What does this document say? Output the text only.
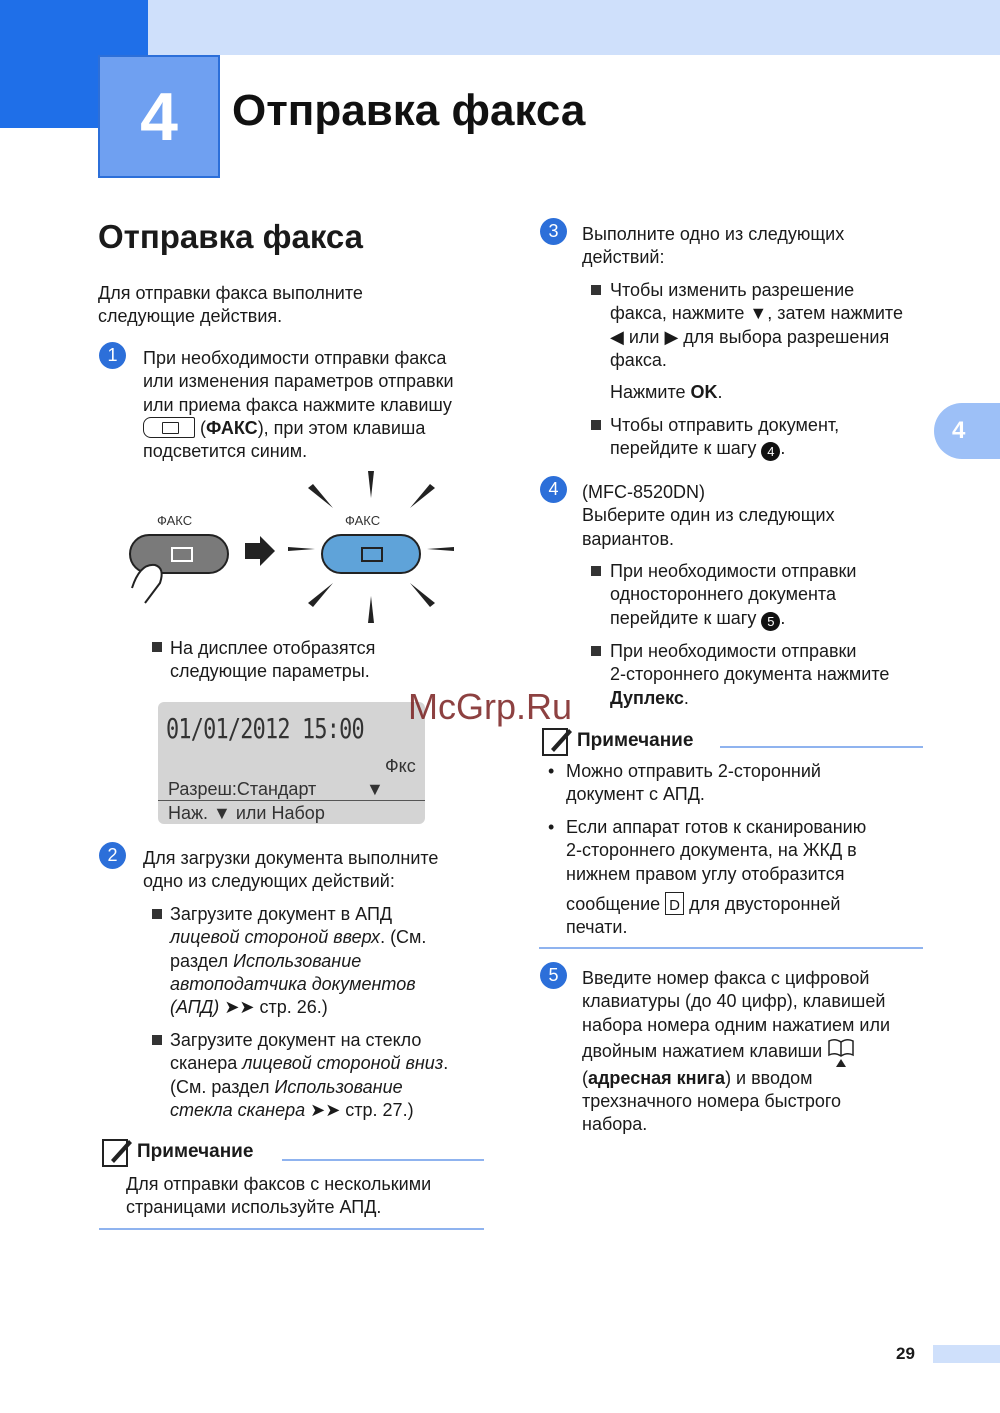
4 Отправка факса
4
Отправка факса
Для отправки факса выполните
следующие действия.
1	При необходимости отправки факса
или изменения параметров отправки
или приема факса нажмите клавишу
(ФАКС), при этом клавиша
подсветится синим.
ФАКС	ФАКС
На дисплее отобразятся
следующие параметры.
01/01/2012 15:00
Фкс
Разреш:Стандарт	▼
Наж. ▼ или Набор
2	Для загрузки документа выполните
одно из следующих действий:
Загрузите документ в АПД
лицевой стороной вверх. (См.
раздел Использование
автоподатчика документов
(АПД) ➤➤ стр. 26.)
Загрузите документ на стекло
сканера лицевой стороной вниз.
(См. раздел Использование
стекла сканера ➤➤ стр. 27.)
Примечание
Для отправки факсов с несколькими
страницами используйте АПД.
3	Выполните одно из следующих
действий:
Чтобы изменить разрешение
факса, нажмите ▼, затем нажмите
◀ или ▶ для выбора разрешения
факса.
Нажмите OK.
Чтобы отправить документ,
перейдите к шагу 4 .
4	(MFC-8520DN)
Выберите один из следующих
вариантов.
При необходимости отправки
одностороннего документа
перейдите к шагу 5 .
При необходимости отправки
2-стороннего документа нажмите
Дуплекс.
Примечание
• Можно отправить 2-сторонний
документ с АПД.
• Если аппарат готов к сканированию
2-стороннего документа, на ЖКД в
нижнем правом углу отобразится
сообщение D для двусторонней
печати.
5	Введите номер факса с цифровой
клавиатуры (до 40 цифр), клавишей
набора номера одним нажатием или
двойным нажатием клавиши
(адресная книга) и вводом
трехзначного номера быстрого
набора.
McGrp.Ru
29
